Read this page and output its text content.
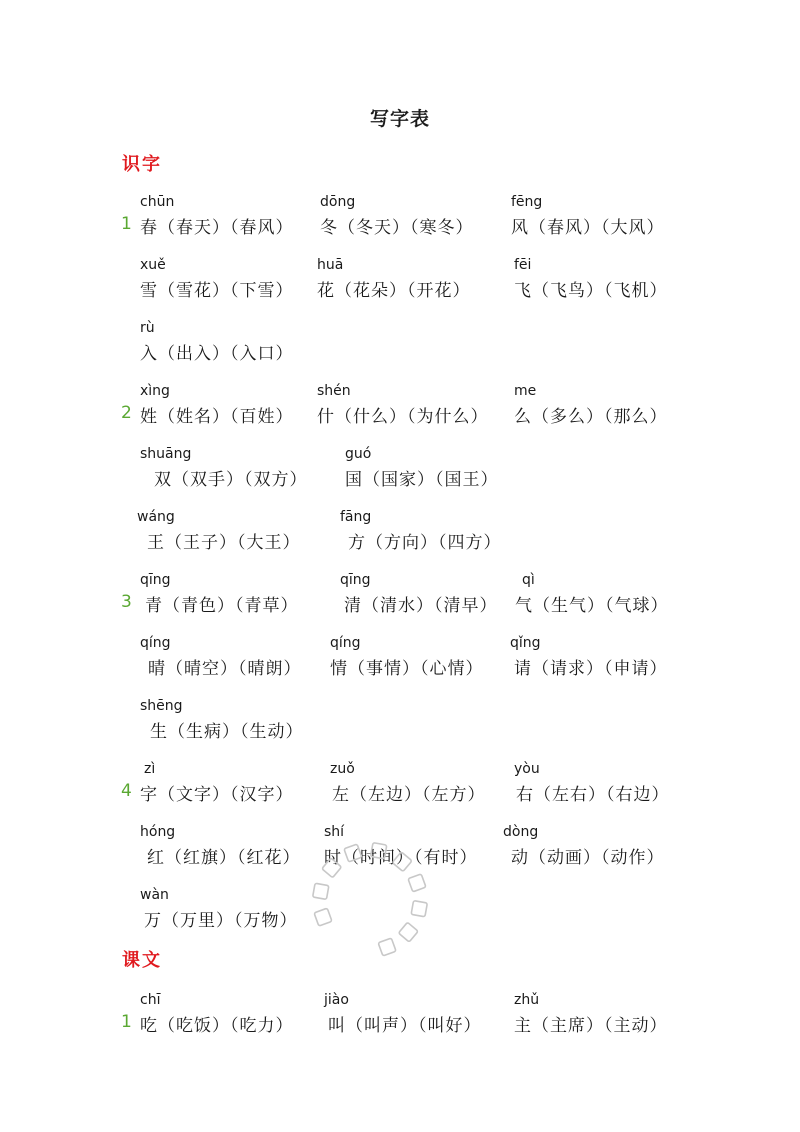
写字表
识字
课文
1
2
3
4
1
chūn
春（春天）（春风）
dōng
冬（冬天）（寒冬）
fēng
风（春风）（大风）
xuě
雪（雪花）（下雪）
huā
花（花朵）（开花）
fēi
飞（飞鸟）（飞机）
rù
入（出入）（入口）
xìng
姓（姓名）（百姓）
shén
什（什么）（为什么）
me
么（多么）（那么）
shuāng
双（双手）（双方）
guó
国（国家）（国王）
wáng
王（王子）（大王）
fāng
方（方向）（四方）
qīng
青（青色）（青草）
qīng
清（清水）（清早）
qì
气（生气）（气球）
qíng
晴（晴空）（晴朗）
qíng
情（事情）（心情）
qǐng
请（请求）（申请）
shēng
生（生病）（生动）
zì
字（文字）（汉字）
zuǒ
左（左边）（左方）
yòu
右（左右）（右边）
hóng
红（红旗）（红花）
shí
时（时间）（有时）
dòng
动（动画）（动作）
wàn
万（万里）（万物）
chī
吃（吃饭）（吃力）
jiào
叫（叫声）（叫好）
zhǔ
主（主席）（主动）
